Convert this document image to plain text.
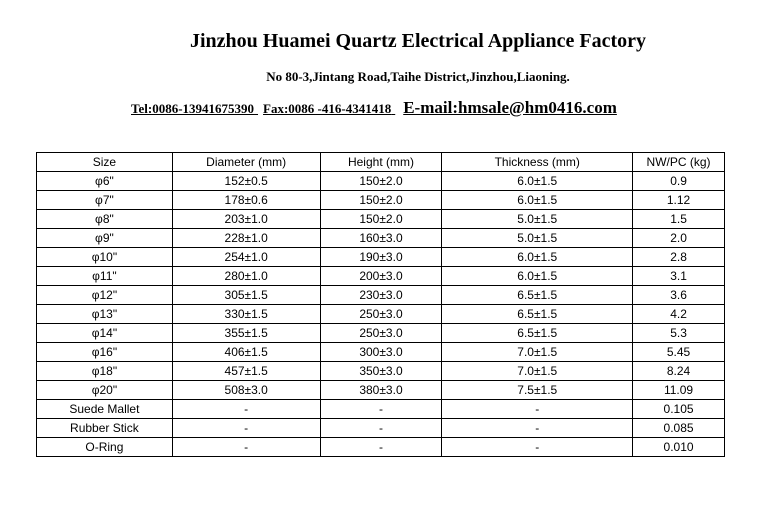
Jinzhou Huamei Quartz Electrical Appliance Factory
No 80-3,Jintang Road,Taihe District,Jinzhou,Liaoning.
Tel:0086-13941675390 Fax:0086 -416-4341418 E-mail:hmsale@hm0416.com
Size	Diameter (mm)	Height (mm)	Thickness (mm)	NW/PC (kg)
φ6"	152±0.5	150±2.0	6.0±1.5	0.9
φ7"	178±0.6	150±2.0	6.0±1.5	1.12
φ8"	203±1.0	150±2.0	5.0±1.5	1.5
φ9"	228±1.0	160±3.0	5.0±1.5	2.0
φ10"	254±1.0	190±3.0	6.0±1.5	2.8
φ11"	280±1.0	200±3.0	6.0±1.5	3.1
φ12"	305±1.5	230±3.0	6.5±1.5	3.6
φ13"	330±1.5	250±3.0	6.5±1.5	4.2
φ14"	355±1.5	250±3.0	6.5±1.5	5.3
φ16"	406±1.5	300±3.0	7.0±1.5	5.45
φ18"	457±1.5	350±3.0	7.0±1.5	8.24
φ20"	508±3.0	380±3.0	7.5±1.5	11.09
Suede Mallet	-	-	-	0.105
Rubber Stick	-	-	-	0.085
O-Ring	-	-	-	0.010
